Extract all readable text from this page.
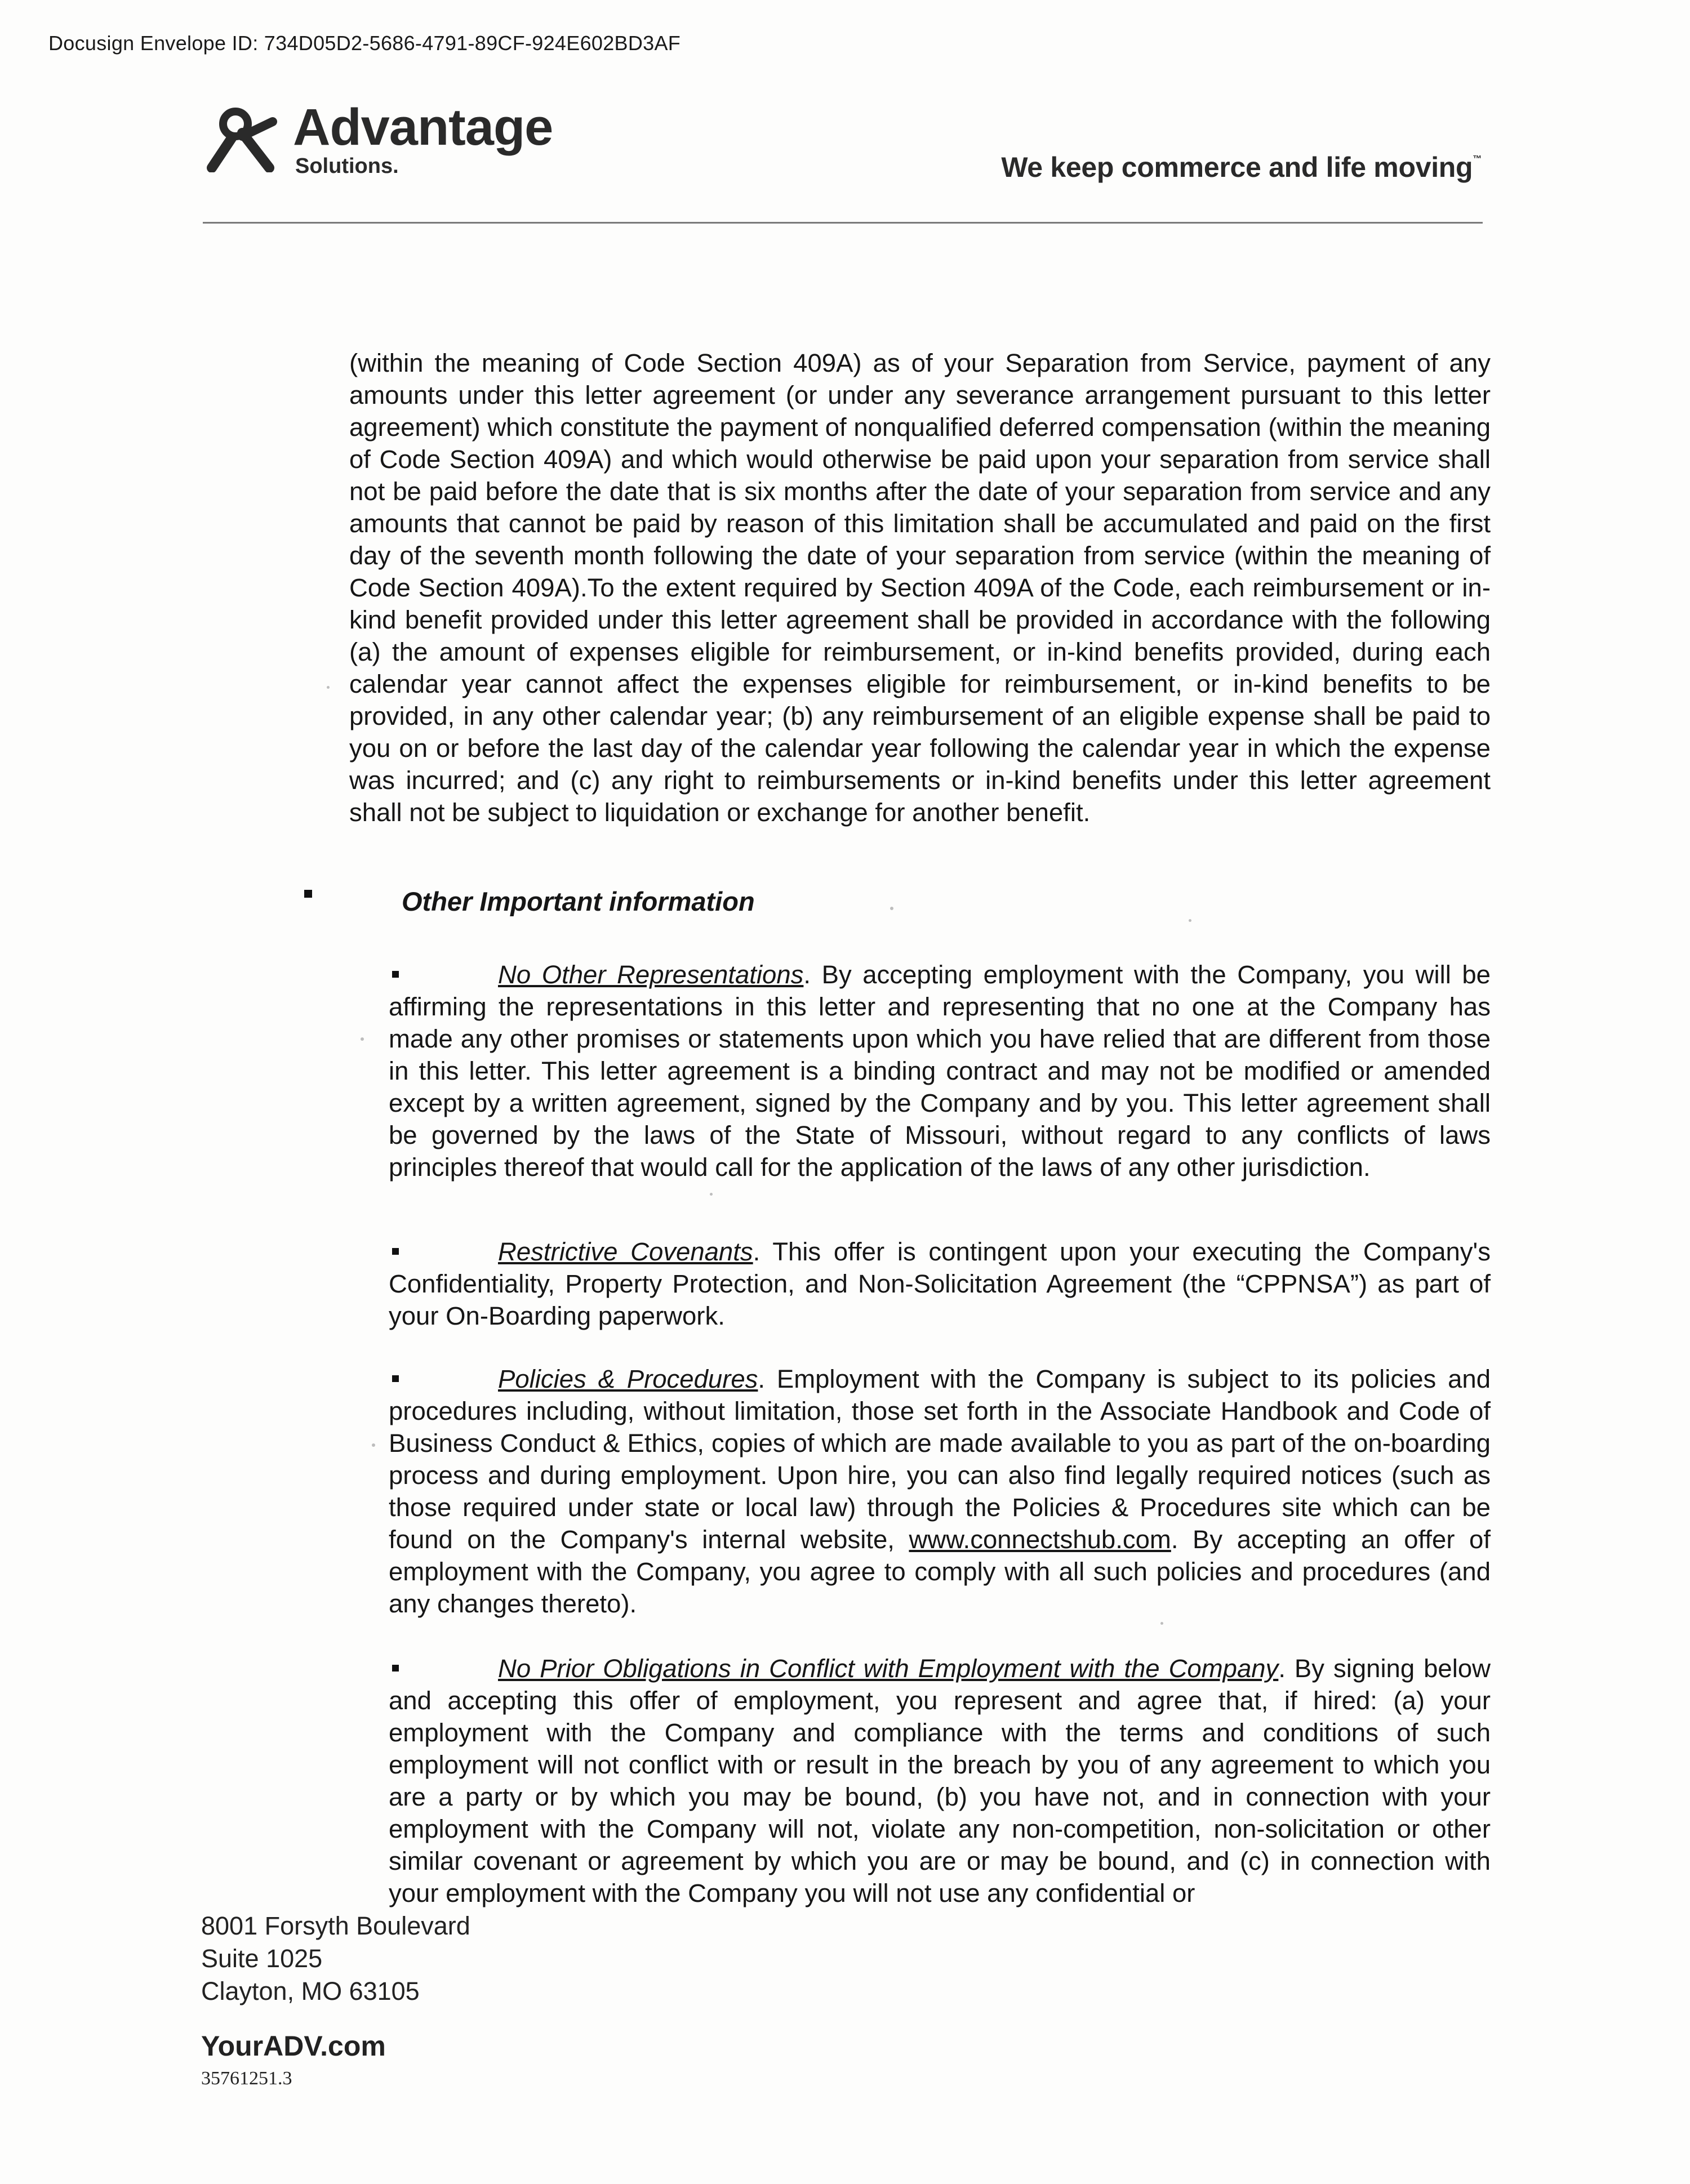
Docusign Envelope ID: 734D05D2-5686-4791-89CF-924E602BD3AF
Advantage
Solutions.	We keep commerce and life moving™

(within the meaning of Code Section 409A) as of your Separation from Service, payment of any amounts under this letter agreement (or under any severance arrangement pursuant to this letter agreement) which constitute the payment of nonqualified deferred compensation (within the meaning of Code Section 409A) and which would otherwise be paid upon your separation from service shall not be paid before the date that is six months after the date of your separation from service and any amounts that cannot be paid by reason of this limitation shall be accumulated and paid on the first day of the seventh month following the date of your separation from service (within the meaning of Code Section 409A).To the extent required by Section 409A of the Code, each reimbursement or in-kind benefit provided under this letter agreement shall be provided in accordance with the following (a) the amount of expenses eligible for reimbursement, or in-kind benefits provided, during each calendar year cannot affect the expenses eligible for reimbursement, or in-kind benefits to be provided, in any other calendar year; (b) any reimbursement of an eligible expense shall be paid to you on or before the last day of the calendar year following the calendar year in which the expense was incurred; and (c) any right to reimbursements or in-kind benefits under this letter agreement shall not be subject to liquidation or exchange for another benefit.

Other Important information

No Other Representations. By accepting employment with the Company, you will be affirming the representations in this letter and representing that no one at the Company has made any other promises or statements upon which you have relied that are different from those in this letter. This letter agreement is a binding contract and may not be modified or amended except by a written agreement, signed by the Company and by you. This letter agreement shall be governed by the laws of the State of Missouri, without regard to any conflicts of laws principles thereof that would call for the application of the laws of any other jurisdiction.

Restrictive Covenants. This offer is contingent upon your executing the Company's Confidentiality, Property Protection, and Non-Solicitation Agreement (the “CPPNSA”) as part of your On-Boarding paperwork.

Policies & Procedures. Employment with the Company is subject to its policies and procedures including, without limitation, those set forth in the Associate Handbook and Code of Business Conduct & Ethics, copies of which are made available to you as part of the on-boarding process and during employment. Upon hire, you can also find legally required notices (such as those required under state or local law) through the Policies & Procedures site which can be found on the Company's internal website, www.connectshub.com. By accepting an offer of employment with the Company, you agree to comply with all such policies and procedures (and any changes thereto).

No Prior Obligations in Conflict with Employment with the Company. By signing below and accepting this offer of employment, you represent and agree that, if hired: (a) your employment with the Company and compliance with the terms and conditions of such employment will not conflict with or result in the breach by you of any agreement to which you are a party or by which you may be bound, (b) you have not, and in connection with your employment with the Company will not, violate any non-competition, non-solicitation or other similar covenant or agreement by which you are or may be bound, and (c) in connection with your employment with the Company you will not use any confidential or

8001 Forsyth Boulevard
Suite 1025
Clayton, MO 63105
YourADV.com
35761251.3
